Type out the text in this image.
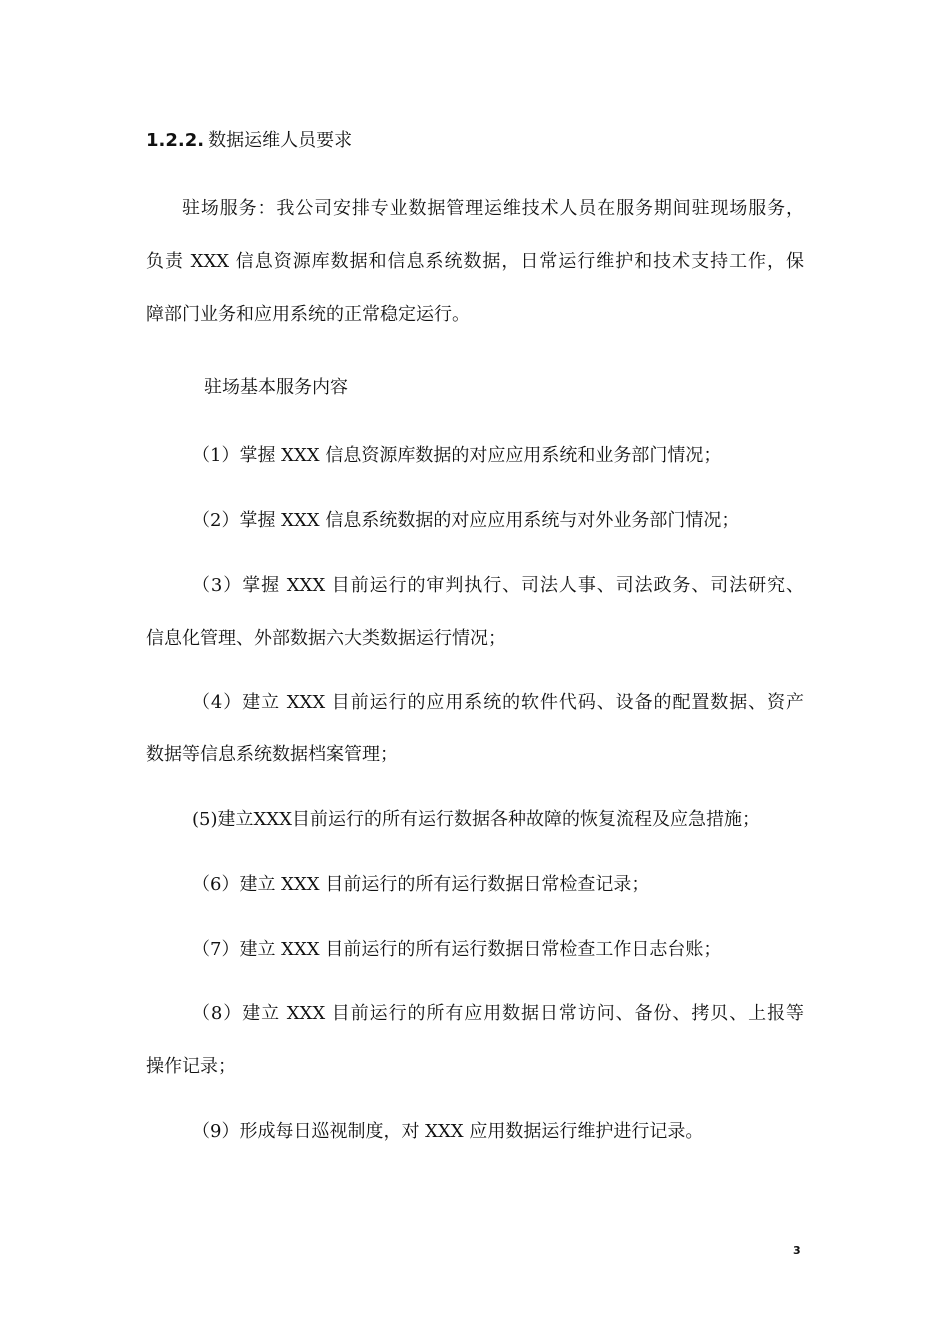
1.2.2. 数据运维人员要求
驻场服务：我公司安排专业数据管理运维技术人员在服务期间驻现场服务，
负责 XXX 信息资源库数据和信息系统数据，日常运行维护和技术支持工作，保
障部门业务和应用系统的正常稳定运行。
驻场基本服务内容
（1）掌握 XXX 信息资源库数据的对应应用系统和业务部门情况；
（2）掌握 XXX 信息系统数据的对应应用系统与对外业务部门情况；
（3）掌握 XXX 目前运行的审判执行、司法人事、司法政务、司法研究、
信息化管理、外部数据六大类数据运行情况；
（4）建立 XXX 目前运行的应用系统的软件代码、设备的配置数据、资产
数据等信息系统数据档案管理；
(5)建立XXX目前运行的所有运行数据各种故障的恢复流程及应急措施；
（6）建立 XXX 目前运行的所有运行数据日常检查记录；
（7）建立 XXX 目前运行的所有运行数据日常检查工作日志台账；
（8）建立 XXX 目前运行的所有应用数据日常访问、备份、拷贝、上报等
操作记录；
（9）形成每日巡视制度，对 XXX 应用数据运行维护进行记录。
3
